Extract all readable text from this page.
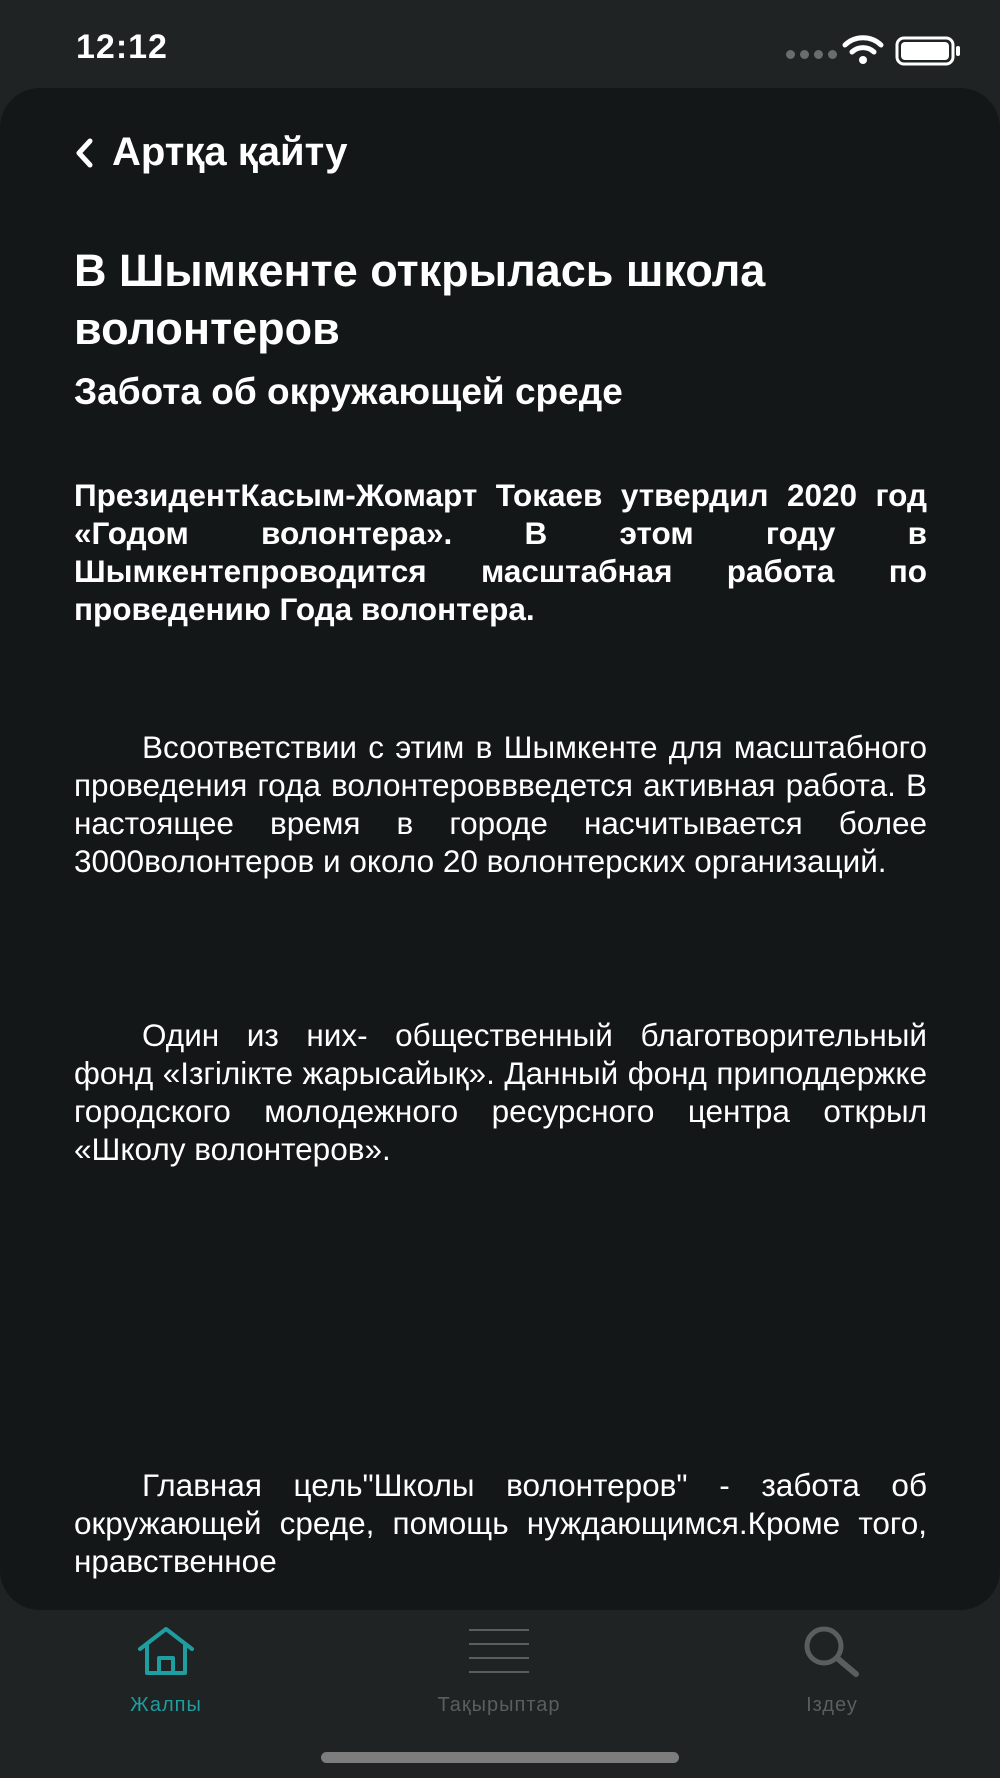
12:12
Артқа қайту
В Шымкенте открылась школа волонтеров
Забота об окружающей среде

ПрезидентКасым-Жомарт Токаев утвердил 2020 год «Годом волонтера». В этом году в Шымкентепроводится масштабная работа по проведению Года волонтера.

Всоответствии с этим в Шымкенте для масштабного проведения года волонтероввведется активная работа. В настоящее время в городе насчитывается более 3000волонтеров и около 20 волонтерских организаций.

Один из них- общественный благотворительный фонд «Ізгілікте жарысайық». Данный фонд приподдержке городского молодежного ресурсного центра открыл «Школу волонтеров».

Главная цель"Школы волонтеров" - забота об окружающей среде, помощь нуждающимся.Кроме того, нравственное

Жалпы	Тақырыптар	Іздеу
